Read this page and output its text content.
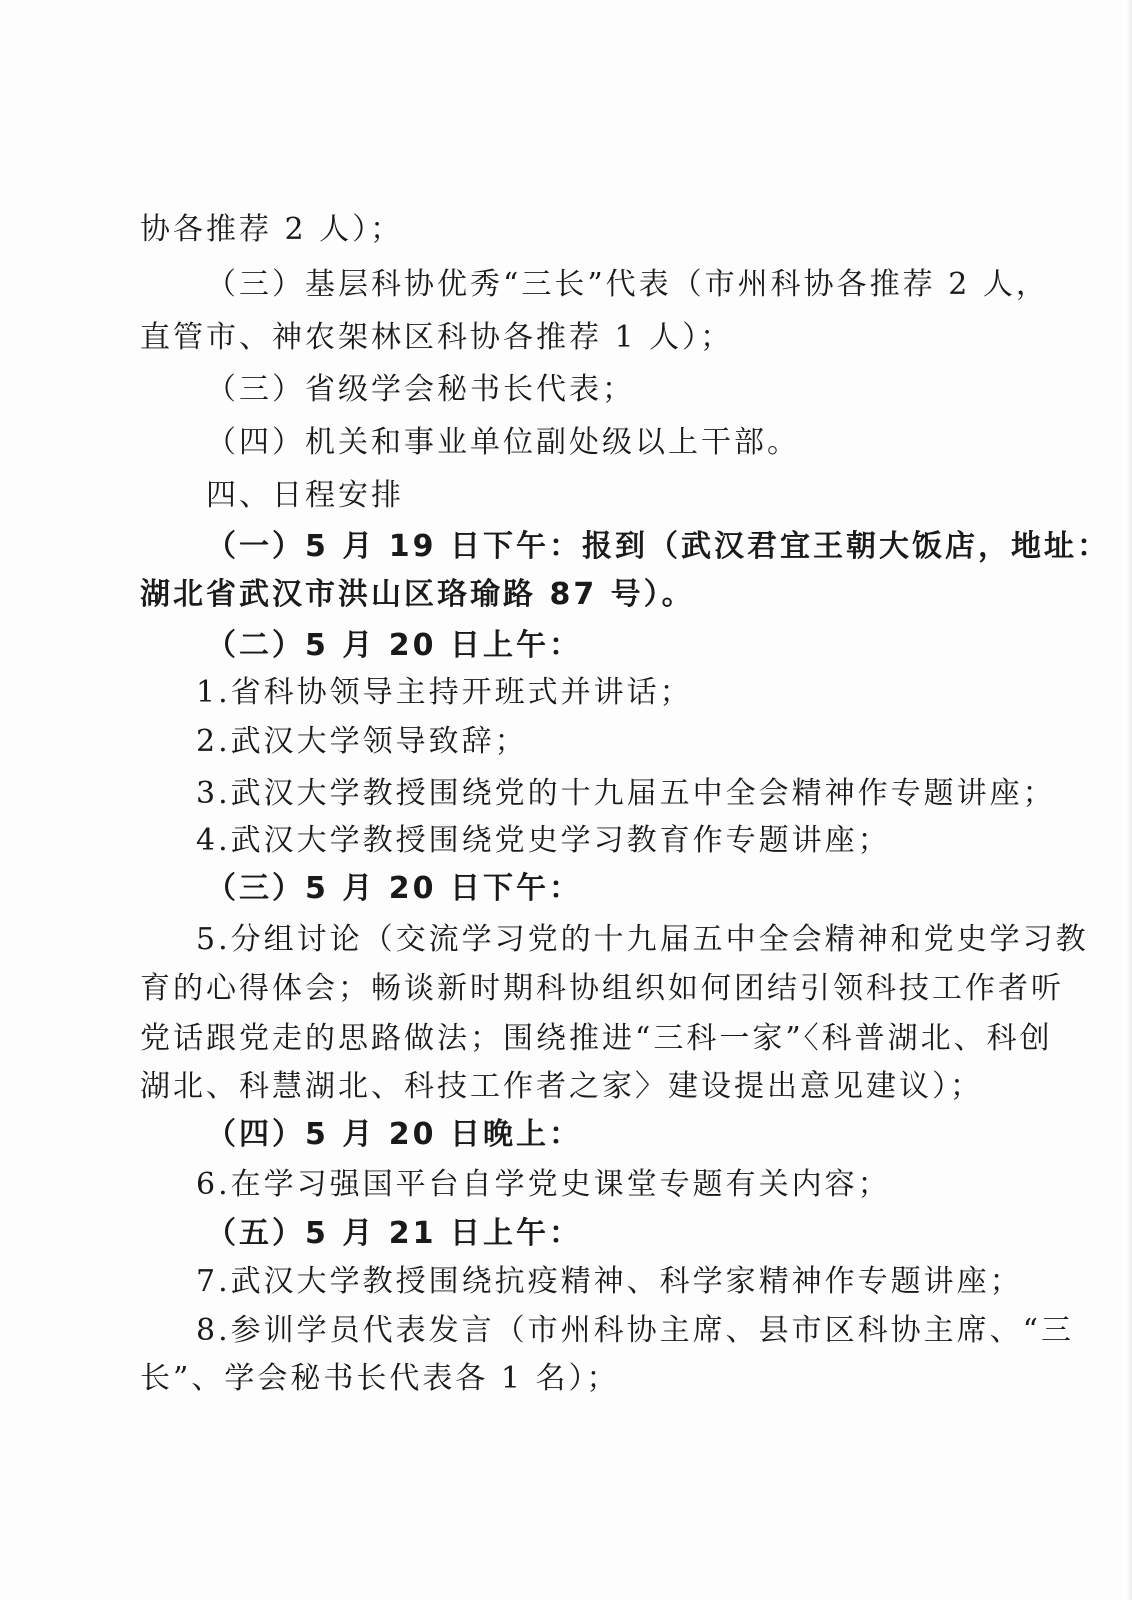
协各推荐 2 人）；
（三）基层科协优秀“三长”代表（市州科协各推荐 2 人，
直管市、神农架林区科协各推荐 1 人）；
（三）省级学会秘书长代表；
（四）机关和事业单位副处级以上干部。
四、日程安排
（一）5 月 19 日下午：报到（武汉君宜王朝大饭店，地址：
湖北省武汉市洪山区珞瑜路 87 号）。
（二）5 月 20 日上午：
1.省科协领导主持开班式并讲话；
2.武汉大学领导致辞；
3.武汉大学教授围绕党的十九届五中全会精神作专题讲座；
4.武汉大学教授围绕党史学习教育作专题讲座；
（三）5 月 20 日下午：
5.分组讨论（交流学习党的十九届五中全会精神和党史学习教
育的心得体会；畅谈新时期科协组织如何团结引领科技工作者听
党话跟党走的思路做法；围绕推进“三科一家”〈科普湖北、科创
湖北、科慧湖北、科技工作者之家〉建设提出意见建议）；
（四）5 月 20 日晚上：
6.在学习强国平台自学党史课堂专题有关内容；
（五）5 月 21 日上午：
7.武汉大学教授围绕抗疫精神、科学家精神作专题讲座；
8.参训学员代表发言（市州科协主席、县市区科协主席、“三
长”、学会秘书长代表各 1 名）；
